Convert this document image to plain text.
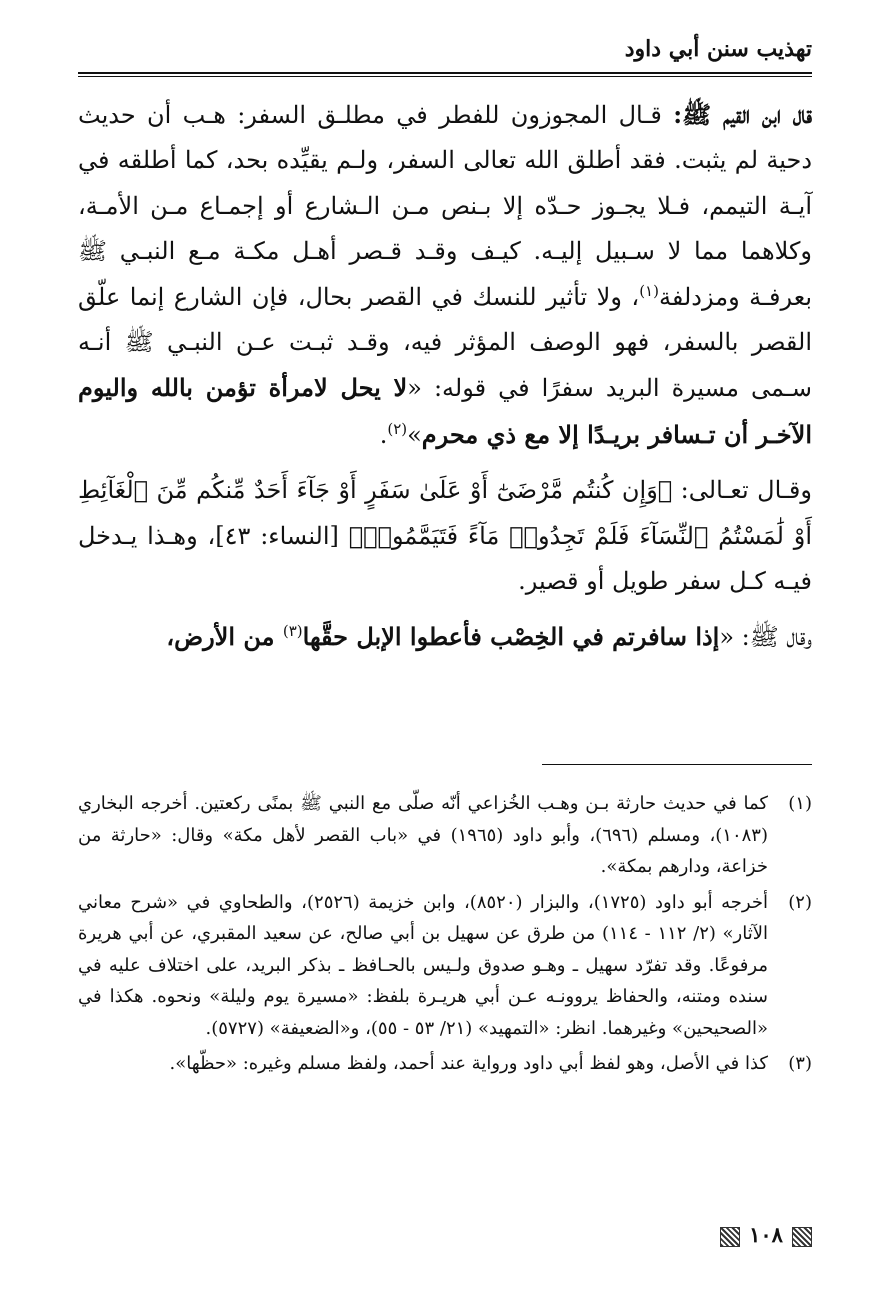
تهذيب سنن أبي داود

قال ابن القيم ﷺ: قـال المجوزون للفطر في مطلـق السفر: هـب أن حديث دحية لم يثبت. فقد أطلق الله تعالى السفر، ولـم يقيِّده بحد، كما أطلقه في آيـة التيمم، فـلا يجـوز حـدّه إلا بـنص مـن الـشارع أو إجمـاع مـن الأمـة، وكلاهما مما لا سـبيل إليـه. كيـف وقـد قـصر أهـل مكـة مـع النبـي ﷺ بعرفـة ومزدلفة$^{(١)}$، ولا تأثير للنسك في القصر بحال، فإن الشارع إنما علّق القصر بالسفر، فهو الوصف المؤثر فيه، وقـد ثبـت عـن النبـي ﷺ أنـه سـمى مسيرة البريد سفرًا في قوله: «لا يحل لامرأة تؤمن بالله واليوم الآخـر أن تـسافر بريـدًا إلا مع ذي محرم»$^{(٢)}$.

وقـال تعـالى: ﴿وَإِن كُنتُم مَّرْضَىٰٓ أَوْ عَلَىٰ سَفَرٍ أَوْ جَآءَ أَحَدٌ مِّنكُم مِّنَ ٱلْغَآئِطِ أَوْ لَٰمَسْتُمُ ٱلنِّسَآءَ فَلَمْ تَجِدُوا۟ مَآءً فَتَيَمَّمُوا۟﴾ [النساء: ٤٣]، وهـذا يـدخل فيـه كـل سفر طويل أو قصير.

وقال ﷺ: «إذا سافرتم في الخِصْب فأعطوا الإبل حقَّها$^{(٣)}$ من الأرض،

(١)
كما في حديث حارثة بـن وهـب الخُزاعي أنّه صلّى مع النبي ﷺ بمنًى ركعتين. أخرجه البخاري (١٠٨٣)، ومسلم (٦٩٦)، وأبو داود (١٩٦٥) في «باب القصر لأهل مكة» وقال: «حارثة من خزاعة، ودارهم بمكة».

(٢)
أخرجه أبو داود (١٧٢٥)، والبزار (٨٥٢٠)، وابن خزيمة (٢٥٢٦)، والطحاوي في «شرح معاني الآثار» (٢/ ١١٢ - ١١٤) من طرق عن سهيل بن أبي صالح، عن سعيد المقبري، عن أبي هريرة مرفوعًا. وقد تفرّد سهيل ـ وهـو صدوق ولـيس بالحـافظ ـ بذكر البريد، على اختلاف عليه في سنده ومتنه، والحفاظ يروونـه عـن أبي هريـرة بلفظ: «مسيرة يوم وليلة» ونحوه. هكذا في «الصحيحين» وغيرهما. انظر: «التمهيد» (٢١/ ٥٣ - ٥٥)، و«الضعيفة» (٥٧٢٧).

(٣)
كذا في الأصل، وهو لفظ أبي داود ورواية عند أحمد، ولفظ مسلم وغيره: «حظّها».

١٠٨
